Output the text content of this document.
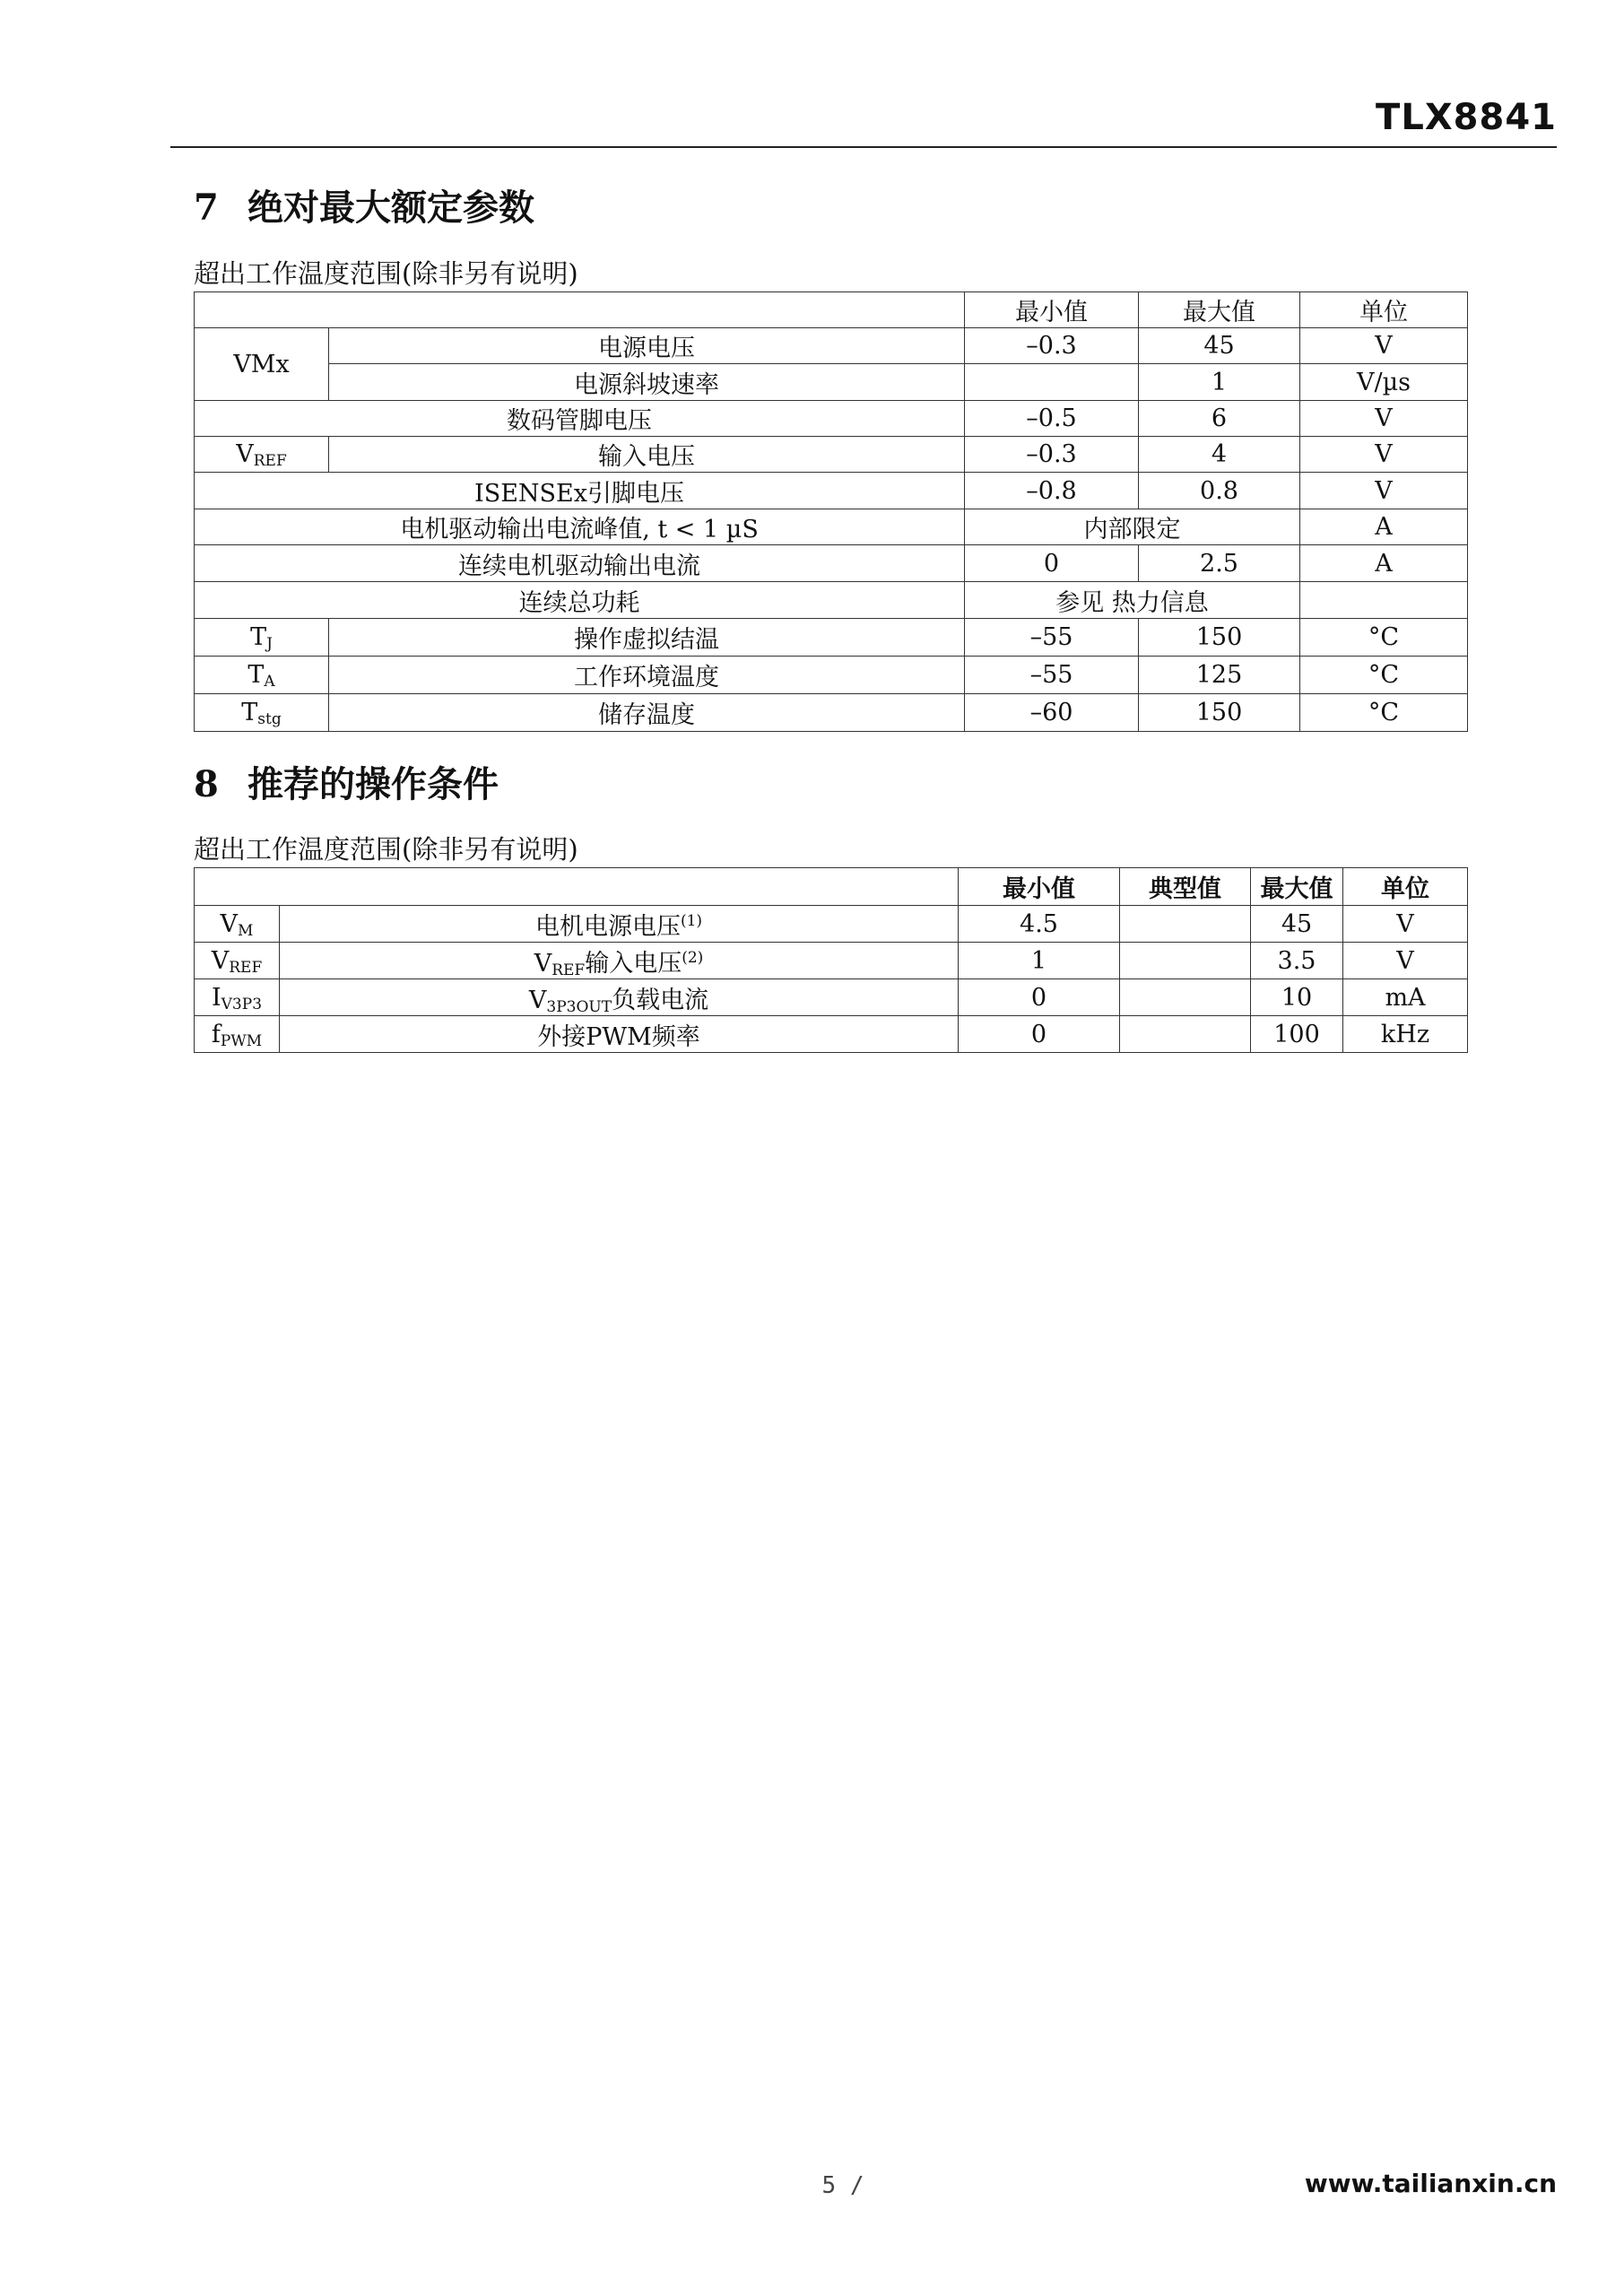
TLX8841
7 绝对最大额定参数
超出工作温度范围(除非另有说明)
		最小值	最大值	单位
VMx	电源电压	–0.3	45	V
	电源斜坡速率		1	V/µs
数码管脚电压		–0.5	6	V
$V_{REF}$	输入电压	–0.3	4	V
ISENSEx引脚电压		–0.8	0.8	V
电机驱动输出电流峰值, t < 1 µS		内部限定		A
连续电机驱动输出电流		0	2.5	A
连续总功耗		参见 热力信息		
$T_J$	操作虚拟结温	–55	150	°C
$T_A$	工作环境温度	–55	125	°C
$T_{stg}$	储存温度	–60	150	°C
8 推荐的操作条件
超出工作温度范围(除非另有说明)
		最小值	典型值	最大值	单位
$V_M$	电机电源电压$^{(1)}$	4.5		45	V
$V_{REF}$	$V_{REF}$输入电压$^{(2)}$	1		3.5	V
$I_{V3P3}$	$V_{3P3OUT}$负载电流	0		10	mA
$f_{PWM}$	外接PWM频率	0		100	kHz
5 /	www.tailianxin.cn
